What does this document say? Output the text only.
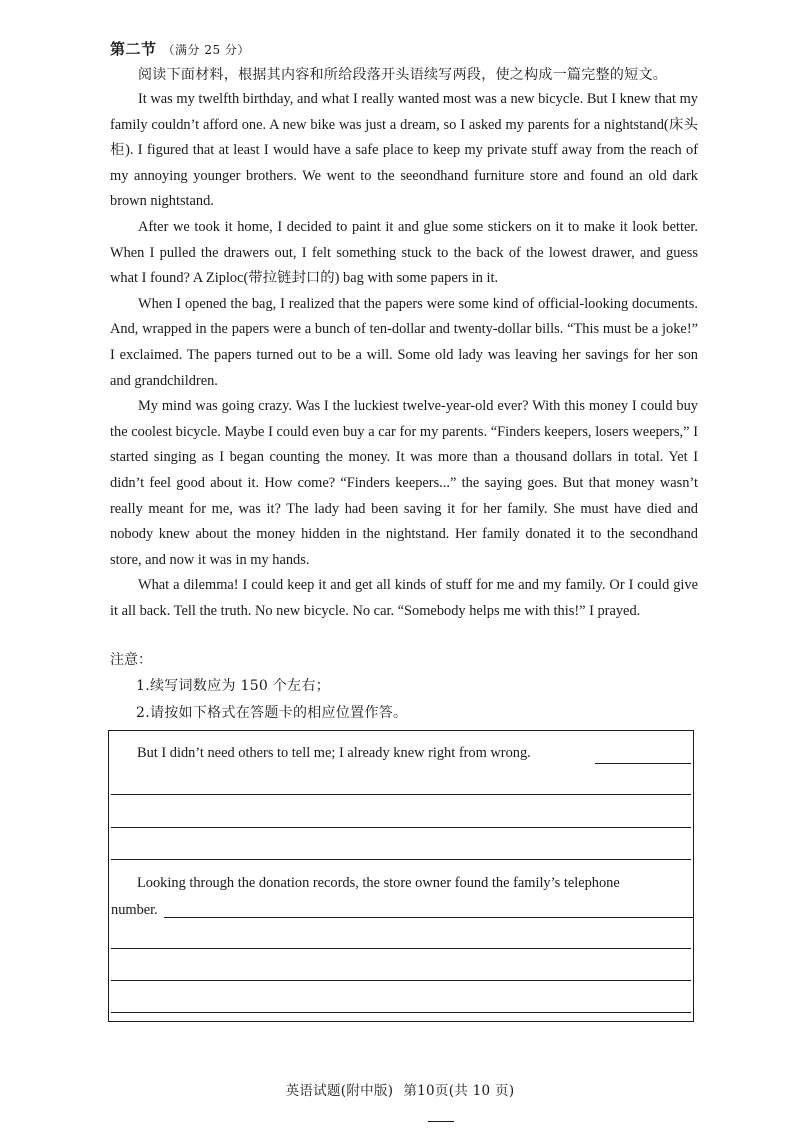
第二节 （满分 25 分）
阅读下面材料，根据其内容和所给段落开头语续写两段，使之构成一篇完整的短文。

It was my twelfth birthday, and what I really wanted most was a new bicycle. But I knew that my family couldn’t afford one. A new bike was just a dream, so I asked my parents for a nightstand(床头柜). I figured that at least I would have a safe place to keep my private stuff away from the reach of my annoying younger brothers. We went to the seeondhand furniture store and found an old dark brown nightstand.

After we took it home, I decided to paint it and glue some stickers on it to make it look better. When I pulled the drawers out, I felt something stuck to the back of the lowest drawer, and guess what I found? A Ziploc(带拉链封口的) bag with some papers in it.

When I opened the bag, I realized that the papers were some kind of official-looking documents. And, wrapped in the papers were a bunch of ten-dollar and twenty-dollar bills. “This must be a joke!” I exclaimed. The papers turned out to be a will. Some old lady was leaving her savings for her son and grandchildren.

My mind was going crazy. Was I the luckiest twelve-year-old ever? With this money I could buy the coolest bicycle. Maybe I could even buy a car for my parents. “Finders keepers, losers weepers,” I started singing as I began counting the money. It was more than a thousand dollars in total. Yet I didn’t feel good about it. How come? “Finders keepers...” the saying goes. But that money wasn’t really meant for me, was it? The lady had been saving it for her family. She must have died and nobody knew about the money hidden in the nightstand. Her family donated it to the secondhand store, and now it was in my hands.

What a dilemma! I could keep it and get all kinds of stuff for me and my family. Or I could give it all back. Tell the truth. No new bicycle. No car. “Somebody helps me with this!” I prayed.

注意：
1.续写词数应为 150 个左右；
2.请按如下格式在答题卡的相应位置作答。
But I didn’t need others to tell me; I already knew right from wrong.
Looking through the donation records, the store owner found the family’s telephone
number.
英语试题(附中版) 第10页(共 10 页)
